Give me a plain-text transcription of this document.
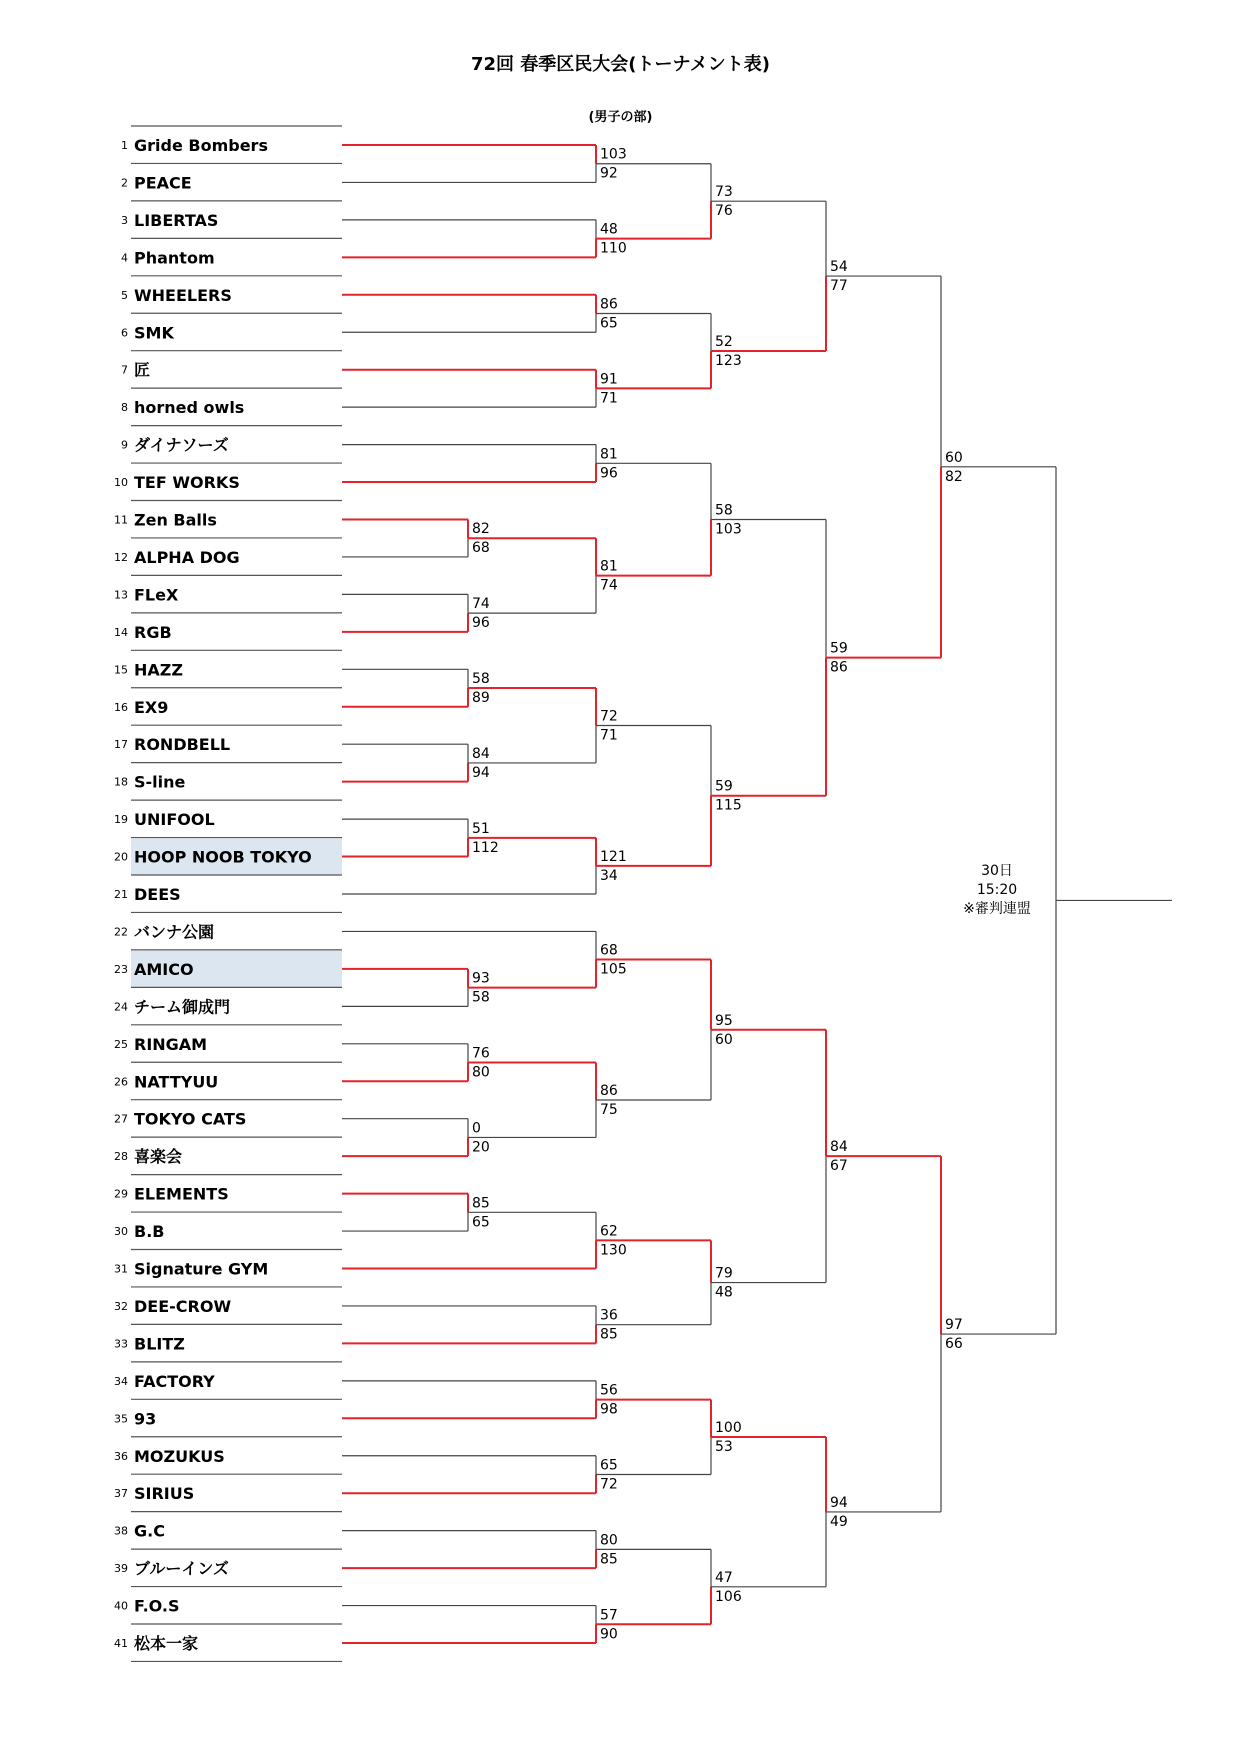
72回 春季区民大会(トーナメント表)
(男子の部)
1 Gride Bombers
2 PEACE
3 LIBERTAS
4 Phantom
5 WHEELERS
6 SMK
7 匠
8 horned owls
9 ダイナソーズ
10 TEF WORKS
11 Zen Balls
12 ALPHA DOG
13 FLeX
14 RGB
15 HAZZ
16 EX9
17 RONDBELL
18 S-line
19 UNIFOOL
20 HOOP NOOB TOKYO
21 DEES
22 バンナ公園
23 AMICO
24 チーム御成門
25 RINGAM
26 NATTYUU
27 TOKYO CATS
28 喜楽会
29 ELEMENTS
30 B.B
31 Signature GYM
32 DEE-CROW
33 BLITZ
34 FACTORY
35 93
36 MOZUKUS
37 SIRIUS
38 G.C
39 ブルーインズ
40 F.O.S
41 松本一家
82
68
74
96
58
89
84
94
51
112
93
58
76
80
0
20
85
65
103
92
48
110
86
65
91
71
81
96
81
74
72
71
121
34
68
105
86
75
62
130
36
85
56
98
65
72
80
85
57
90
73
76
52
123
58
103
59
115
95
60
79
48
100
53
47
106
54
77
59
86
84
67
94
49
60
82
97
66
30日
15:20
※審判連盟
